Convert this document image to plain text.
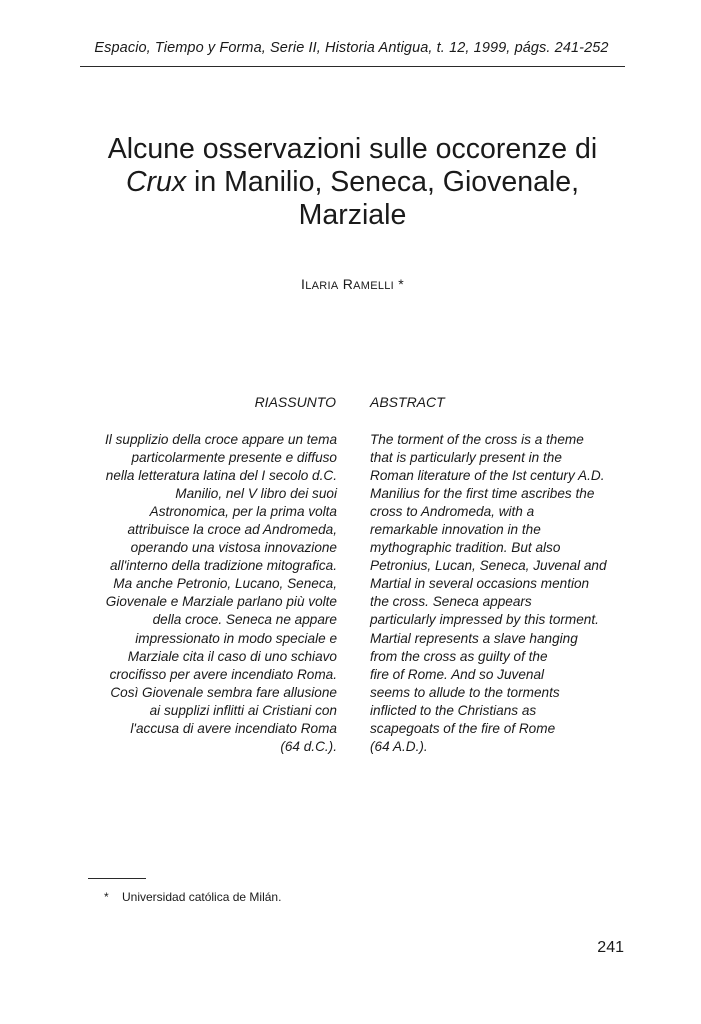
Espacio, Tiempo y Forma, Serie II, Historia Antigua, t. 12, 1999, págs. 241-252
Alcune osservazioni sulle occorenze di
Crux in Manilio, Seneca, Giovenale,
Marziale
ILARIA RAMELLI *
RIASSUNTO ABSTRACT
Il supplizio della croce appare un tema
particolarmente presente e diffuso
nella letteratura latina del I secolo d.C.
Manilio, nel V libro dei suoi
Astronomica, per la prima volta
attribuisce la croce ad Andromeda,
operando una vistosa innovazione
all'interno della tradizione mitografica.
Ma anche Petronio, Lucano, Seneca,
Giovenale e Marziale parlano più volte
della croce. Seneca ne appare
impressionato in modo speciale e
Marziale cita il caso di uno schiavo
crocifisso per avere incendiato Roma.
Così Giovenale sembra fare allusione
ai supplizi inflitti ai Cristiani con
l'accusa di avere incendiato Roma
(64 d.C.).
The torment of the cross is a theme
that is particularly present in the
Roman literature of the Ist century A.D.
Manilius for the first time ascribes the
cross to Andromeda, with a
remarkable innovation in the
mythographic tradition. But also
Petronius, Lucan, Seneca, Juvenal and
Martial in several occasions mention
the cross. Seneca appears
particularly impressed by this torment.
Martial represents a slave hanging
from the cross as guilty of the
fire of Rome. And so Juvenal
seems to allude to the torments
inflicted to the Christians as
scapegoats of the fire of Rome
(64 A.D.).
* Universidad católica de Milán.
241
